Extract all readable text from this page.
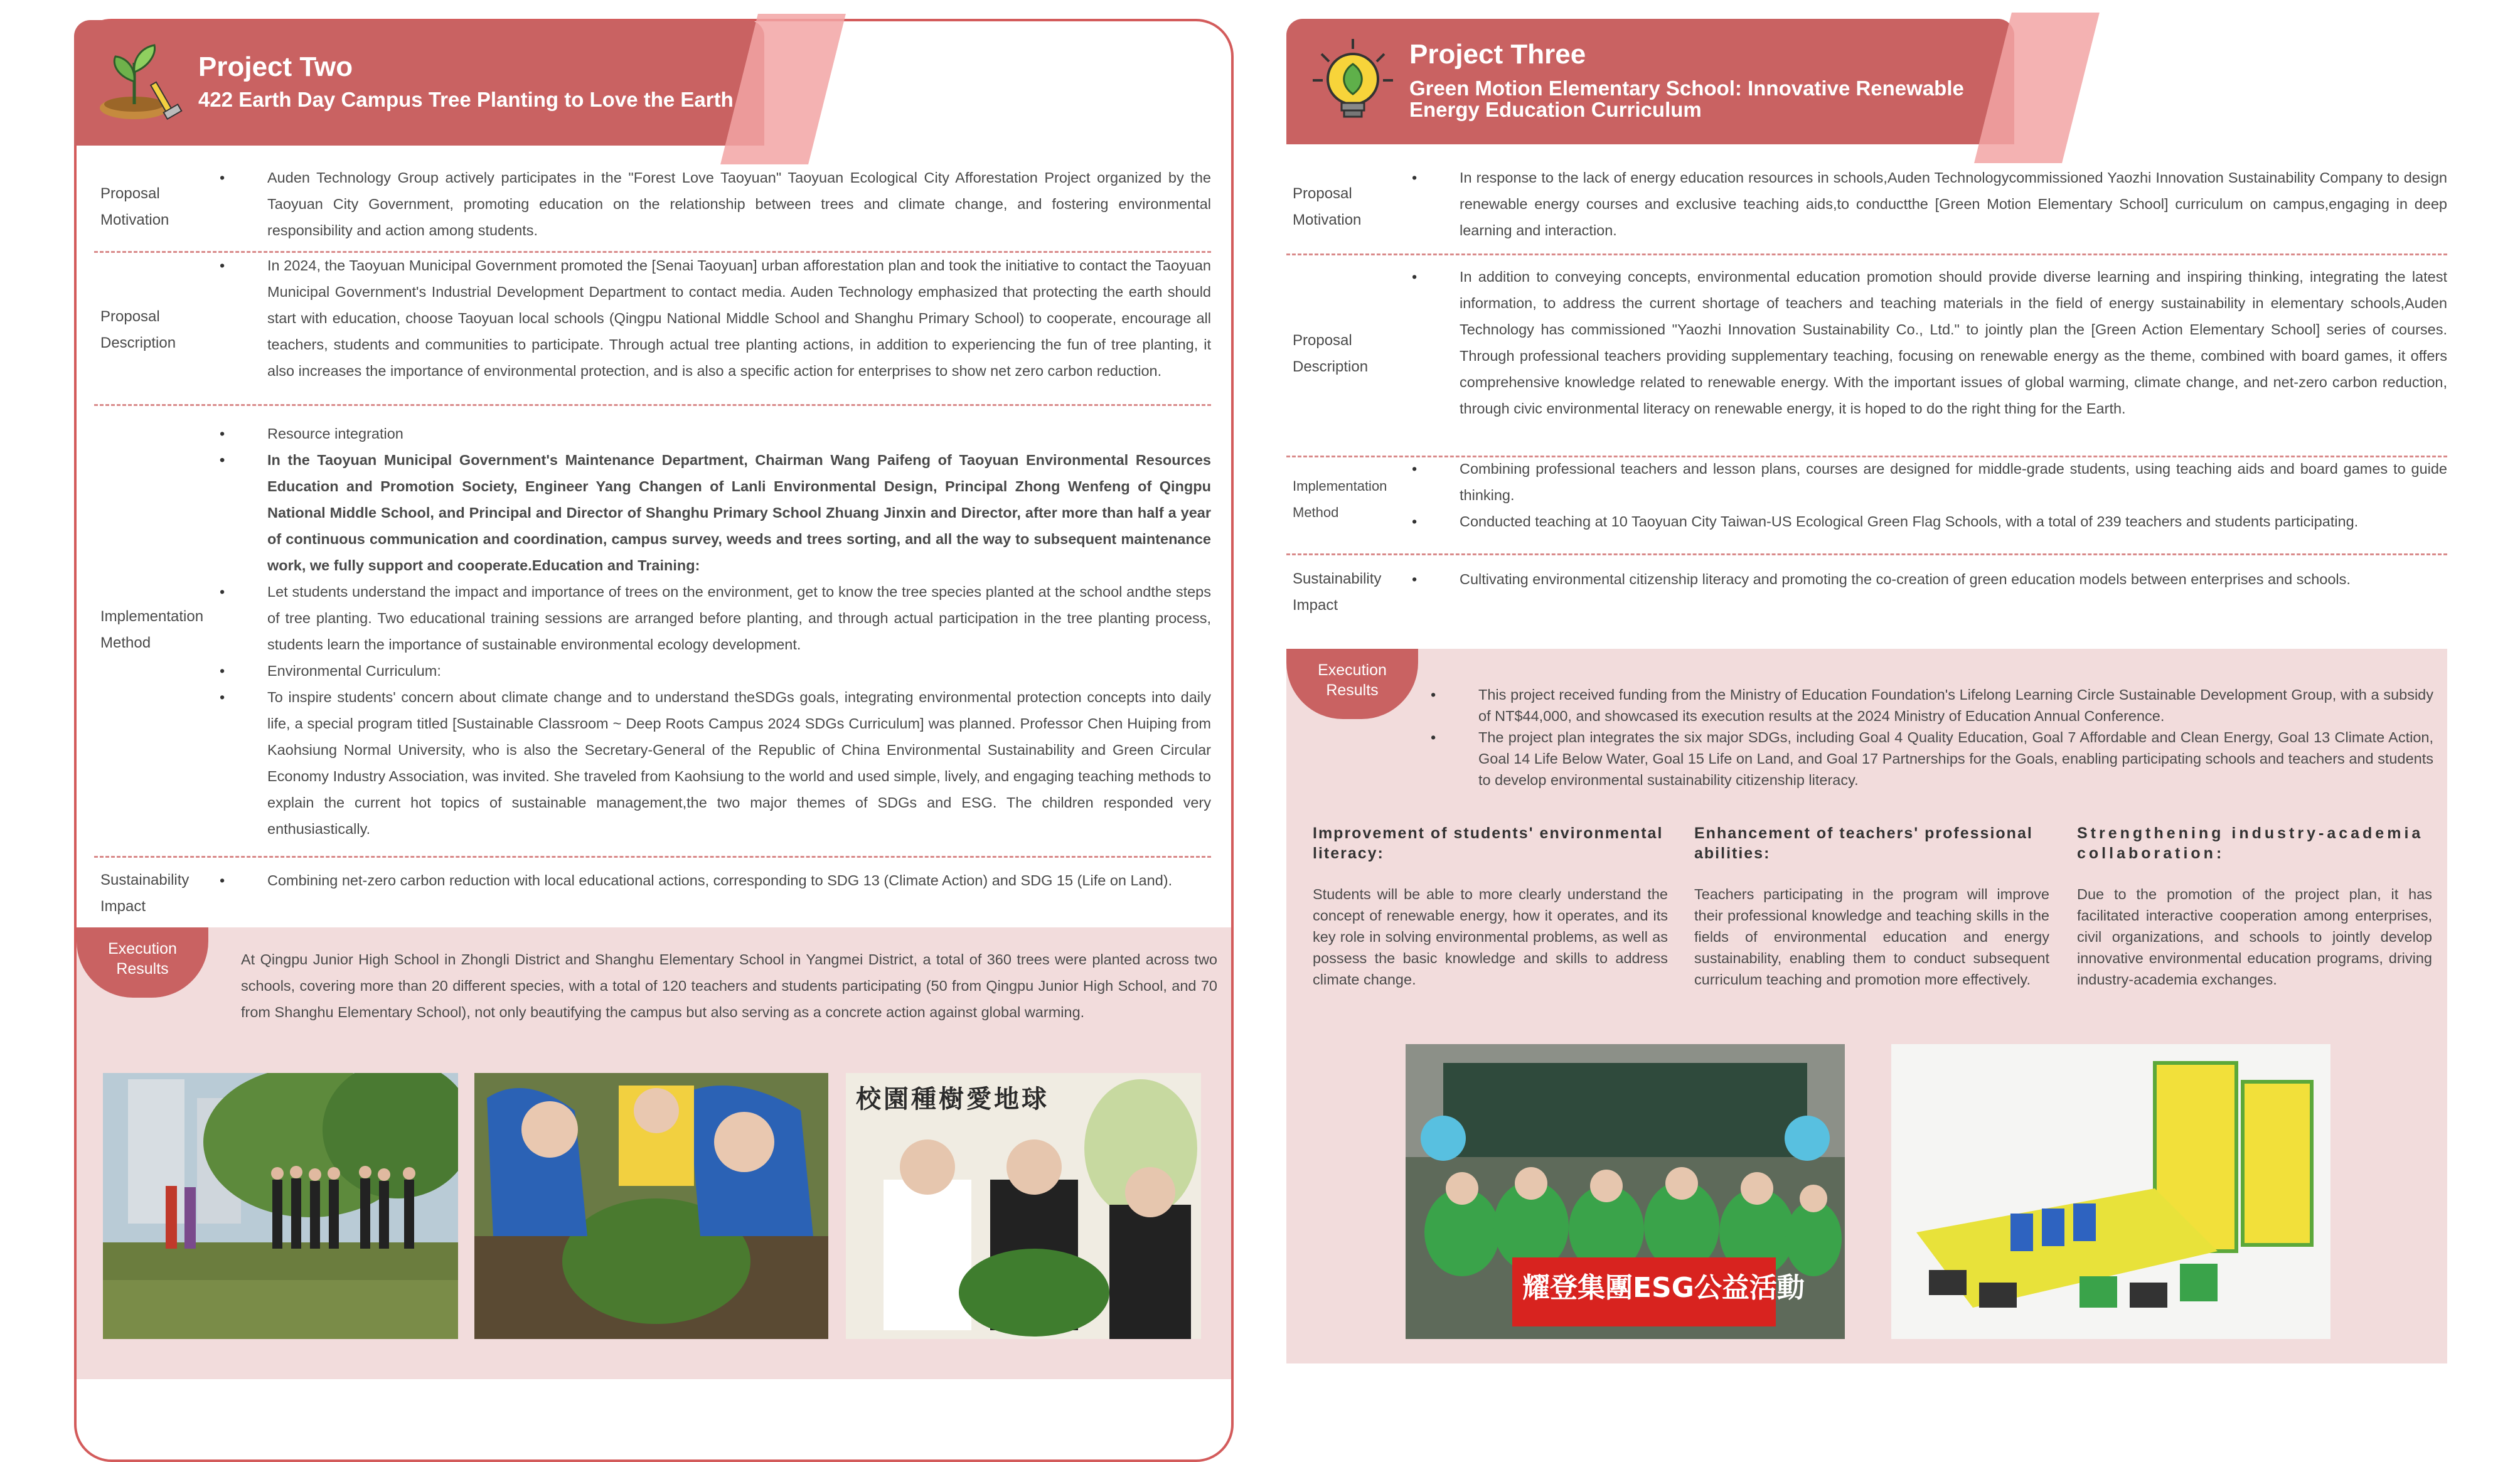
Project Two
422 Earth Day Campus Tree Planting to Love the Earth
Proposal Motivation
• Auden Technology Group actively participates in the "Forest Love Taoyuan" Taoyuan Ecological City Afforestation Project organized by the Taoyuan City Government, promoting education on the relationship between trees and climate change, and fostering environmental responsibility and action among students.
Proposal Description
• In 2024, the Taoyuan Municipal Government promoted the [Senai Taoyuan] urban afforestation plan and took the initiative to contact the Taoyuan Municipal Government's Industrial Development Department to contact media. Auden Technology emphasized that protecting the earth should start with education, choose Taoyuan local schools (Qingpu National Middle School and Shanghu Primary School) to cooperate, encourage all teachers, students and communities to participate. Through actual tree planting actions, in addition to experiencing the fun of tree planting, it also increases the importance of environmental protection, and is also a specific action for enterprises to show net zero carbon reduction.
Implementation Method
• Resource integration
• In the Taoyuan Municipal Government's Maintenance Department, Chairman Wang Paifeng of Taoyuan Environmental Resources Education and Promotion Society, Engineer Yang Changen of Lanli Environmental Design, Principal Zhong Wenfeng of Qingpu National Middle School, and Principal and Director of Shanghu Primary School Zhuang Jinxin and Director, after more than half a year of continuous communication and coordination, campus survey, weeds and trees sorting, and all the way to subsequent maintenance work, we fully support and cooperate.Education and Training:
• Let students understand the impact and importance of trees on the environment, get to know the tree species planted at the school andthe steps of tree planting. Two educational training sessions are arranged before planting, and through actual participation in the tree planting process, students learn the importance of sustainable environmental ecology development.
• Environmental Curriculum:
• To inspire students' concern about climate change and to understand theSDGs goals, integrating environmental protection concepts into daily life, a special program titled [Sustainable Classroom ~ Deep Roots Campus 2024 SDGs Curriculum] was planned. Professor Chen Huiping from Kaohsiung Normal University, who is also the Secretary-General of the Republic of China Environmental Sustainability and Green Circular Economy Industry Association, was invited. She traveled from Kaohsiung to the world and used simple, lively, and engaging teaching methods to explain the current hot topics of sustainable management,the two major themes of SDGs and ESG. The children responded very enthusiastically.
Sustainability Impact
• Combining net-zero carbon reduction with local educational actions, corresponding to SDG 13 (Climate Action) and SDG 15 (Life on Land).
Execution
Results
At Qingpu Junior High School in Zhongli District and Shanghu Elementary School in Yangmei District, a total of 360 trees were planted across two schools, covering more than 20 different species, with a total of 120 teachers and students participating (50 from Qingpu Junior High School, and 70 from Shanghu Elementary School), not only beautifying the campus but also serving as a concrete action against global warming.
校園種樹愛地球
Project Three
Green Motion Elementary School: Innovative Renewable
Energy Education Curriculum
Proposal Motivation
• In response to the lack of energy education resources in schools,Auden Technologycommissioned Yaozhi Innovation Sustainability Company to design renewable energy courses and exclusive teaching aids,to conductthe [Green Motion Elementary School] curriculum on campus,engaging in deep learning and interaction.
Proposal Description
• In addition to conveying concepts, environmental education promotion should provide diverse learning and inspiring thinking, integrating the latest information, to address the current shortage of teachers and teaching materials in the field of energy sustainability in elementary schools,Auden Technology has commissioned "Yaozhi Innovation Sustainability Co., Ltd." to jointly plan the [Green Action Elementary School] series of courses. Through professional teachers providing supplementary teaching, focusing on renewable energy as the theme, combined with board games, it offers comprehensive knowledge related to renewable energy. With the important issues of global warming, climate change, and net-zero carbon reduction, through civic environmental literacy on renewable energy, it is hoped to do the right thing for the Earth.
Implementation Method
• Combining professional teachers and lesson plans, courses are designed for middle-grade students, using teaching aids and board games to guide thinking.
• Conducted teaching at 10 Taoyuan City Taiwan-US Ecological Green Flag Schools, with a total of 239 teachers and students participating.
Sustainability Impact
• Cultivating environmental citizenship literacy and promoting the co-creation of green education models between enterprises and schools.
Execution
Results
•	This project received funding from the Ministry of Education Foundation's Lifelong Learning Circle Sustainable Development Group, with a subsidy of NT$44,000, and showcased its execution results at the 2024 Ministry of Education Annual Conference.
• The project plan integrates the six major SDGs, including Goal 4 Quality Education, Goal 7 Affordable and Clean Energy, Goal 13 Climate Action, Goal 14 Life Below Water, Goal 15 Life on Land, and Goal 17 Partnerships for the Goals, enabling participating schools and teachers and students to develop environmental sustainability citizenship literacy.
Improvement of students' environmental literacy:
Students will be able to more clearly understand the concept of renewable energy, how it operates, and its key role in solving environmental problems, as well as possess the basic knowledge and skills to address climate change.
Enhancement of teachers' professional abilities:
Teachers participating in the program will improve their professional knowledge and teaching skills in the fields of environmental education and energy sustainability, enabling them to conduct subsequent curriculum teaching and promotion more effectively.
Strengthening industry-academia collaboration:
Due to the promotion of the project plan, it has facilitated interactive cooperation among enterprises, civil organizations, and schools to jointly develop innovative environmental education programs, driving industry-academia exchanges.
耀登集團ESG公益活動
